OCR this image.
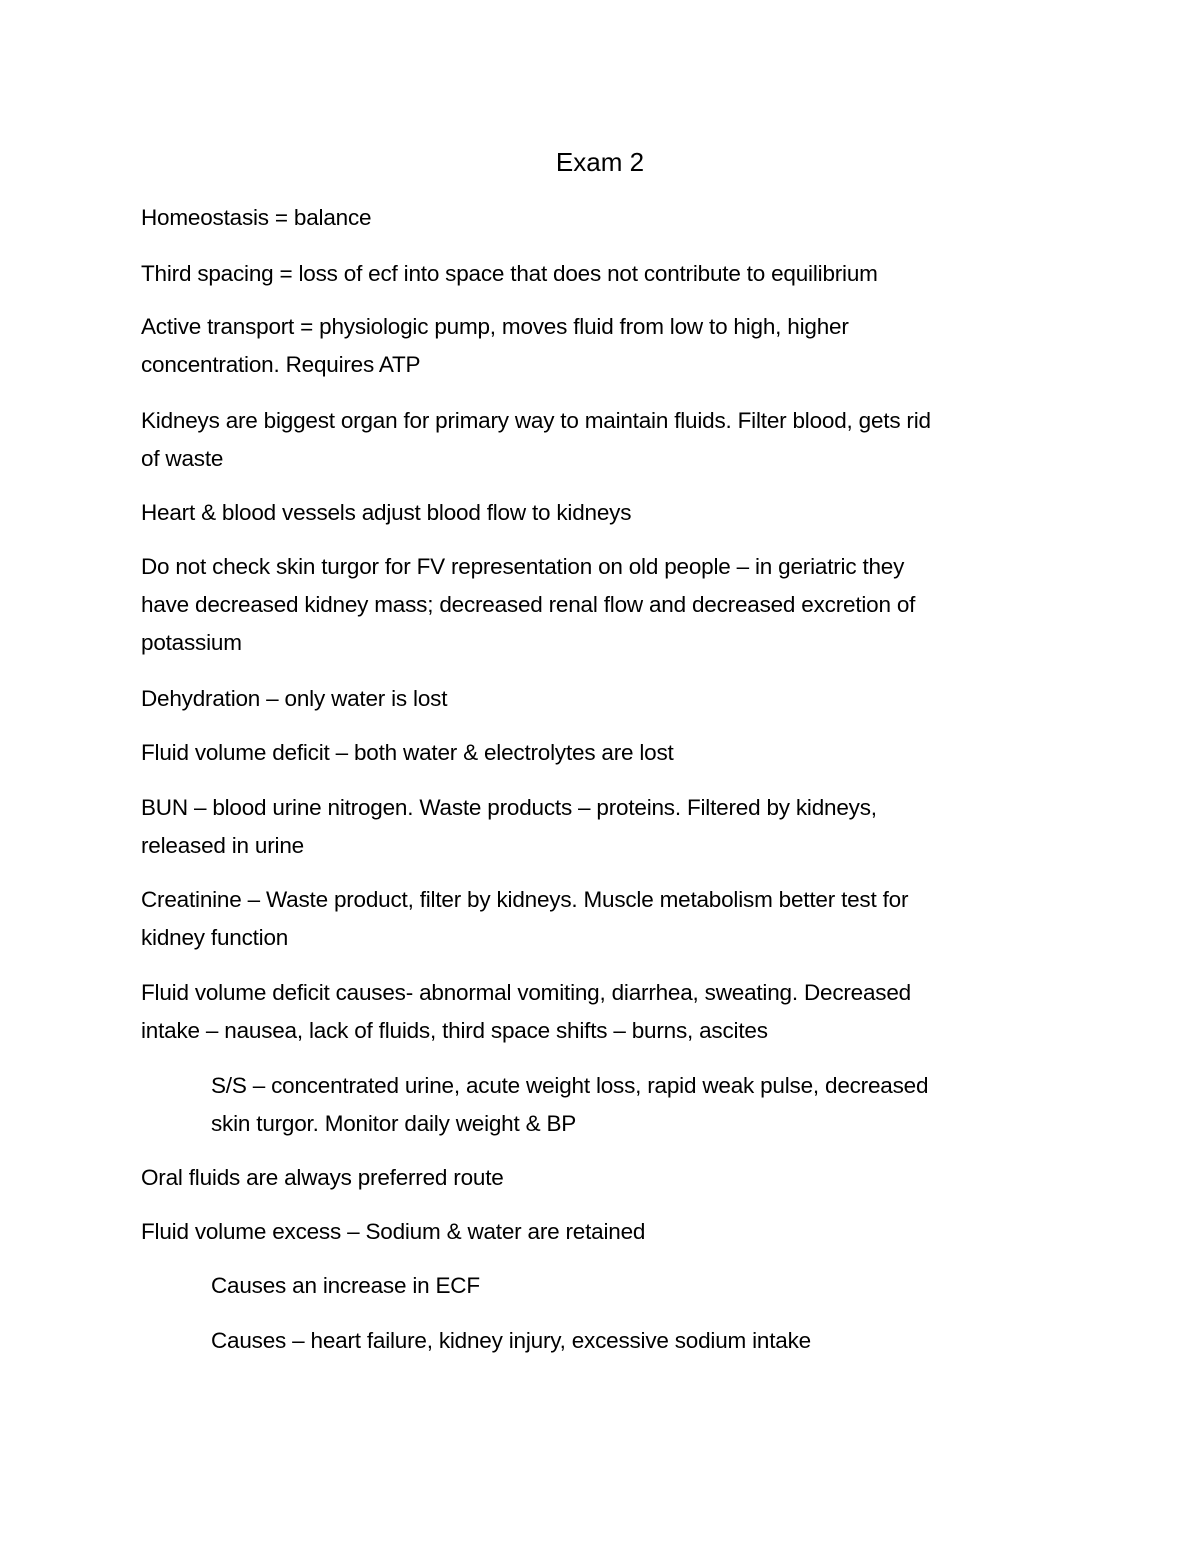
Exam 2

Homeostasis = balance

Third spacing = loss of ecf into space that does not contribute to equilibrium

Active transport = physiologic pump, moves fluid from low to high, higher
concentration. Requires ATP

Kidneys are biggest organ for primary way to maintain fluids. Filter blood, gets rid
of waste

Heart & blood vessels adjust blood flow to kidneys

Do not check skin turgor for FV representation on old people – in geriatric they
have decreased kidney mass; decreased renal flow and decreased excretion of
potassium

Dehydration – only water is lost

Fluid volume deficit – both water & electrolytes are lost

BUN – blood urine nitrogen. Waste products – proteins. Filtered by kidneys,
released in urine

Creatinine – Waste product, filter by kidneys. Muscle metabolism better test for
kidney function

Fluid volume deficit causes- abnormal vomiting, diarrhea, sweating. Decreased
intake – nausea, lack of fluids, third space shifts – burns, ascites

S/S – concentrated urine, acute weight loss, rapid weak pulse, decreased
skin turgor. Monitor daily weight & BP

Oral fluids are always preferred route

Fluid volume excess – Sodium & water are retained

Causes an increase in ECF

Causes – heart failure, kidney injury, excessive sodium intake
